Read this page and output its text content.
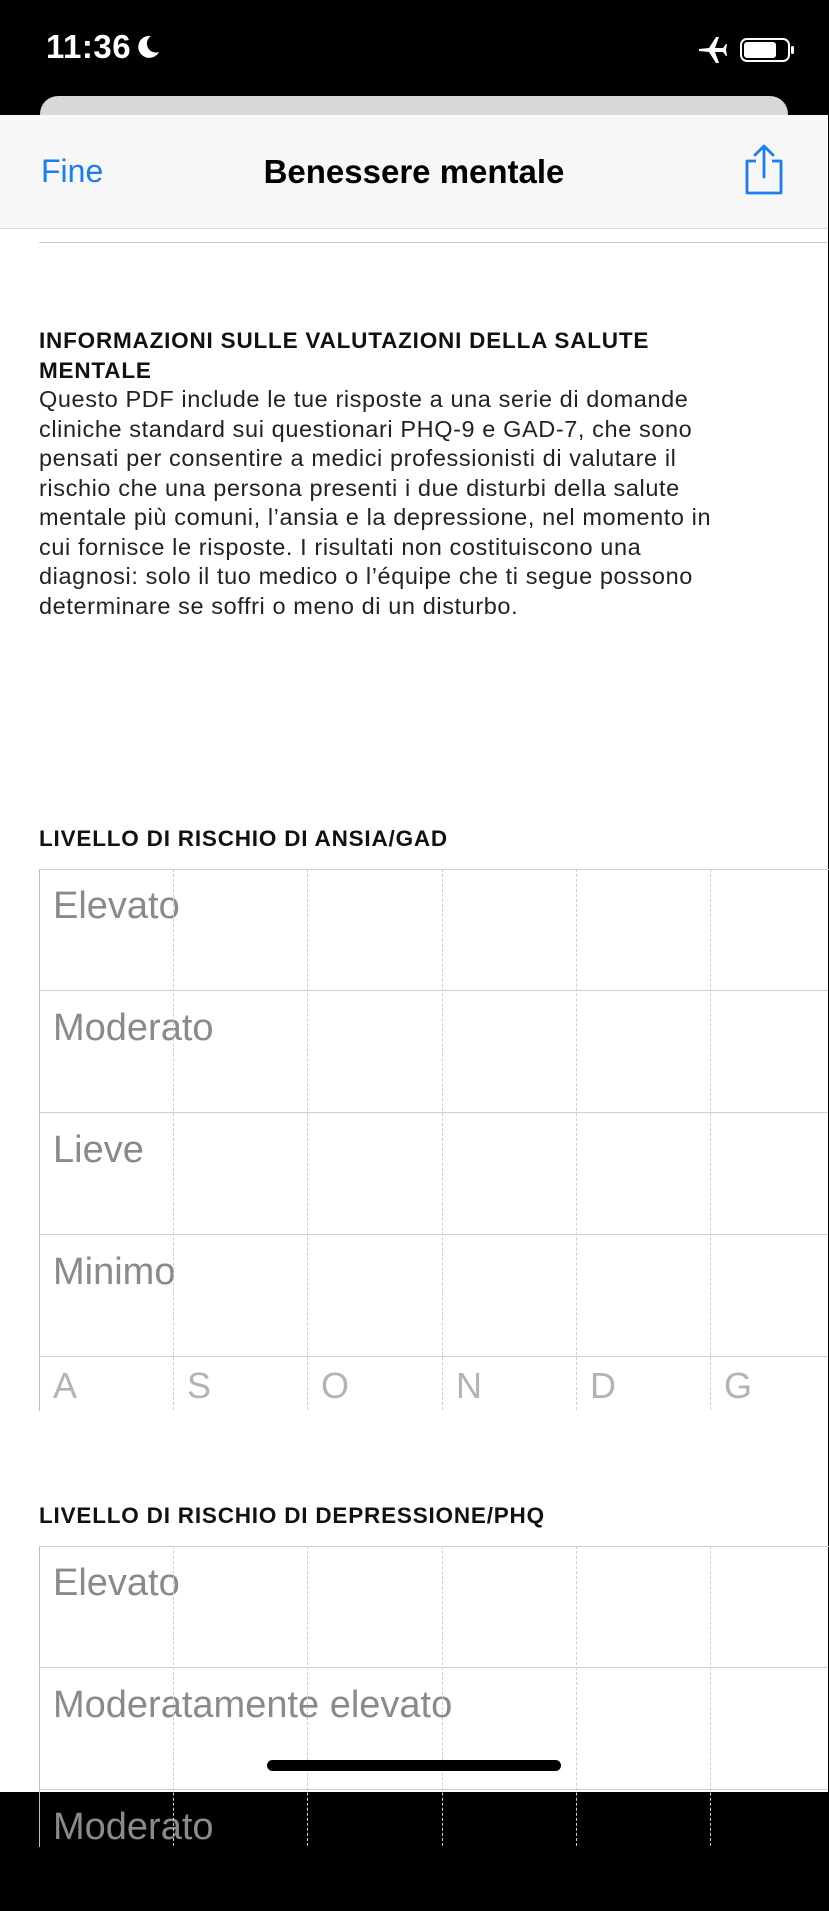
11:36
Fine	Benessere mentale
INFORMAZIONI SULLE VALUTAZIONI DELLA SALUTE
MENTALE
Questo PDF include le tue risposte a una serie di domande
cliniche standard sui questionari PHQ-9 e GAD-7, che sono
pensati per consentire a medici professionisti di valutare il
rischio che una persona presenti i due disturbi della salute
mentale più comuni, l’ansia e la depressione, nel momento in
cui fornisce le risposte. I risultati non costituiscono una
diagnosi: solo il tuo medico o l’équipe che ti segue possono
determinare se soffri o meno di un disturbo.
LIVELLO DI RISCHIO DI ANSIA/GAD
Elevato
Moderato
Lieve
Minimo
A	S	O	N	D	G
LIVELLO DI RISCHIO DI DEPRESSIONE/PHQ
Elevato
Moderatamente elevato
Moderato
